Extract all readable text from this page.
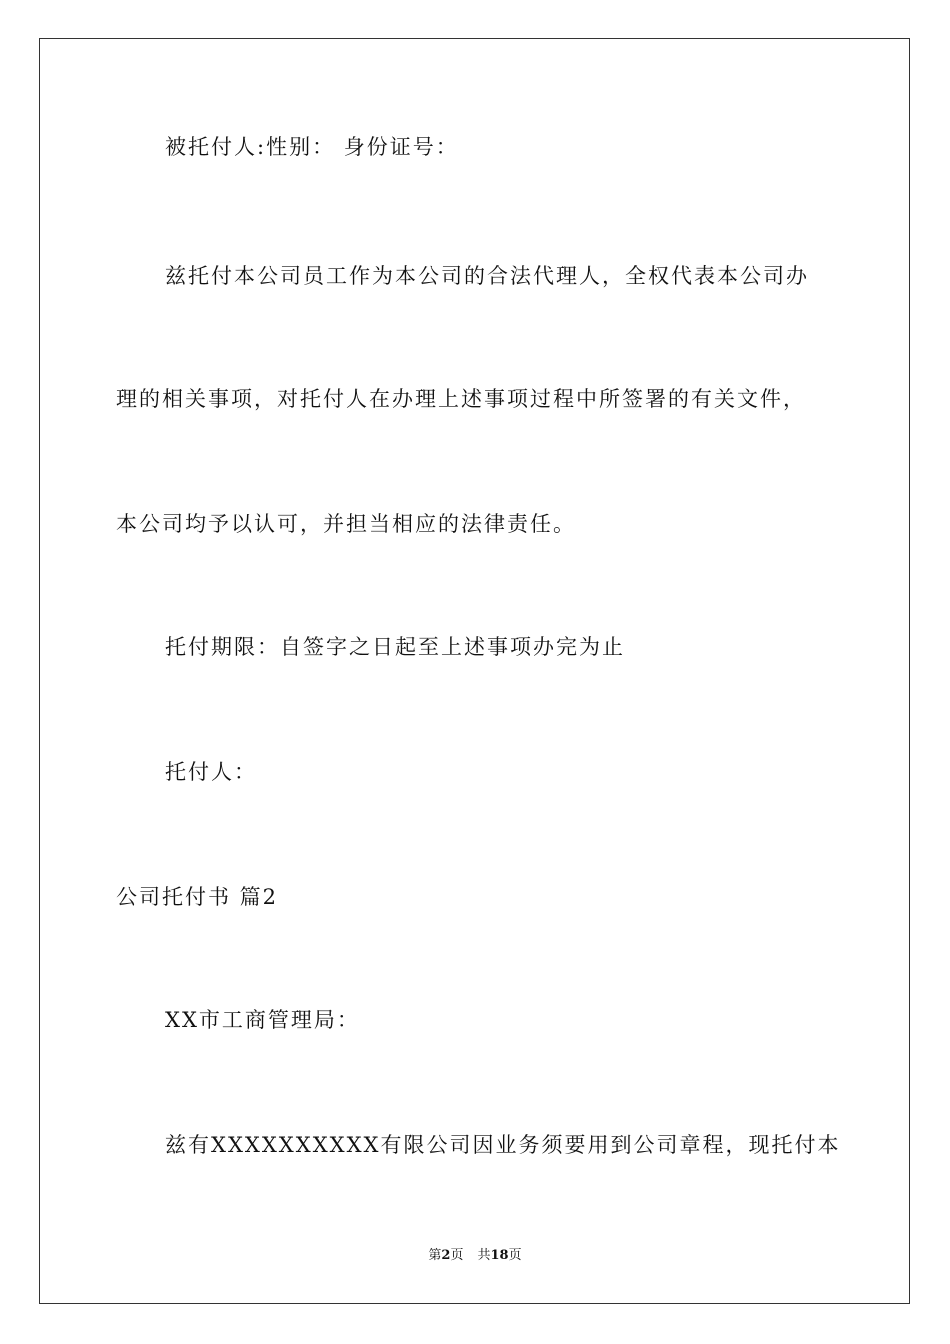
被托付人:性别： 身份证号：
兹托付本公司员工作为本公司的合法代理人，全权代表本公司办
理的相关事项，对托付人在办理上述事项过程中所签署的有关文件，
本公司均予以认可，并担当相应的法律责任。
托付期限：自签字之日起至上述事项办完为止
托付人：
公司托付书 篇2
XX市工商管理局：
兹有XXXXXXXXXX有限公司因业务须要用到公司章程，现托付本
第2页 共18页
